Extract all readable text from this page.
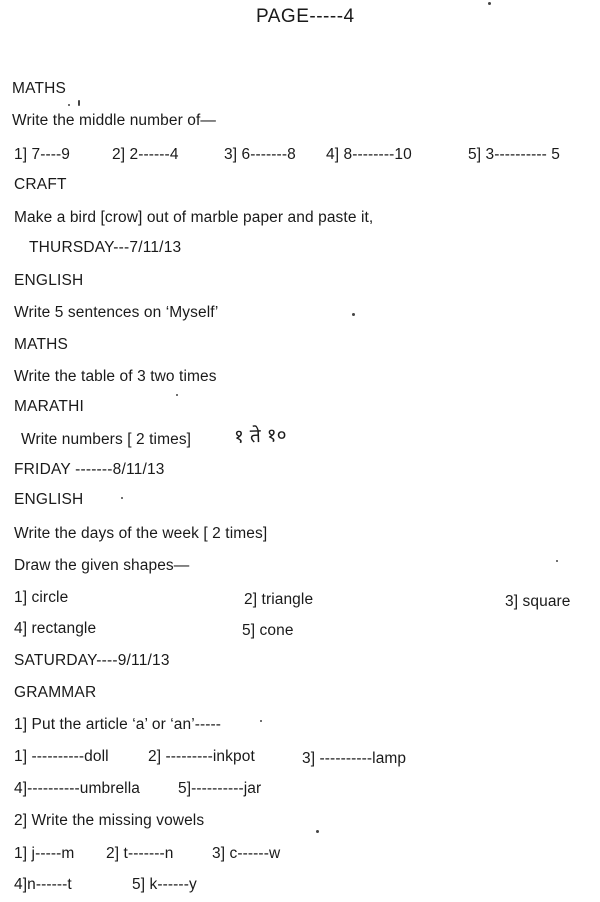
PAGE-----4
MATHS
Write the middle number of—
1] 7----9	2] 2------4	3] 6-------8 4] 8--------10	5] 3---------- 5
CRAFT
Make a bird [crow] out of marble paper and paste it,
THURSDAY---7/11/13
ENGLISH
Write 5 sentences on ‘Myself’
MATHS
Write the table of 3 two times
MARATHI
Write numbers [ 2 times] १ ते १०
FRIDAY -------8/11/13
ENGLISH
Write the days of the week [ 2 times]
Draw the given shapes—
1] circle	2] triangle	3] square
4] rectangle	5] cone
SATURDAY----9/11/13
GRAMMAR
1] Put the article ‘a’ or ‘an’-----
1] ----------doll	2] ---------inkpot	3] ----------lamp
4]----------umbrella 5]----------jar
2] Write the missing vowels
1] j-----m 2] t-------n 3] c------w
4]n------t	5] k------y
